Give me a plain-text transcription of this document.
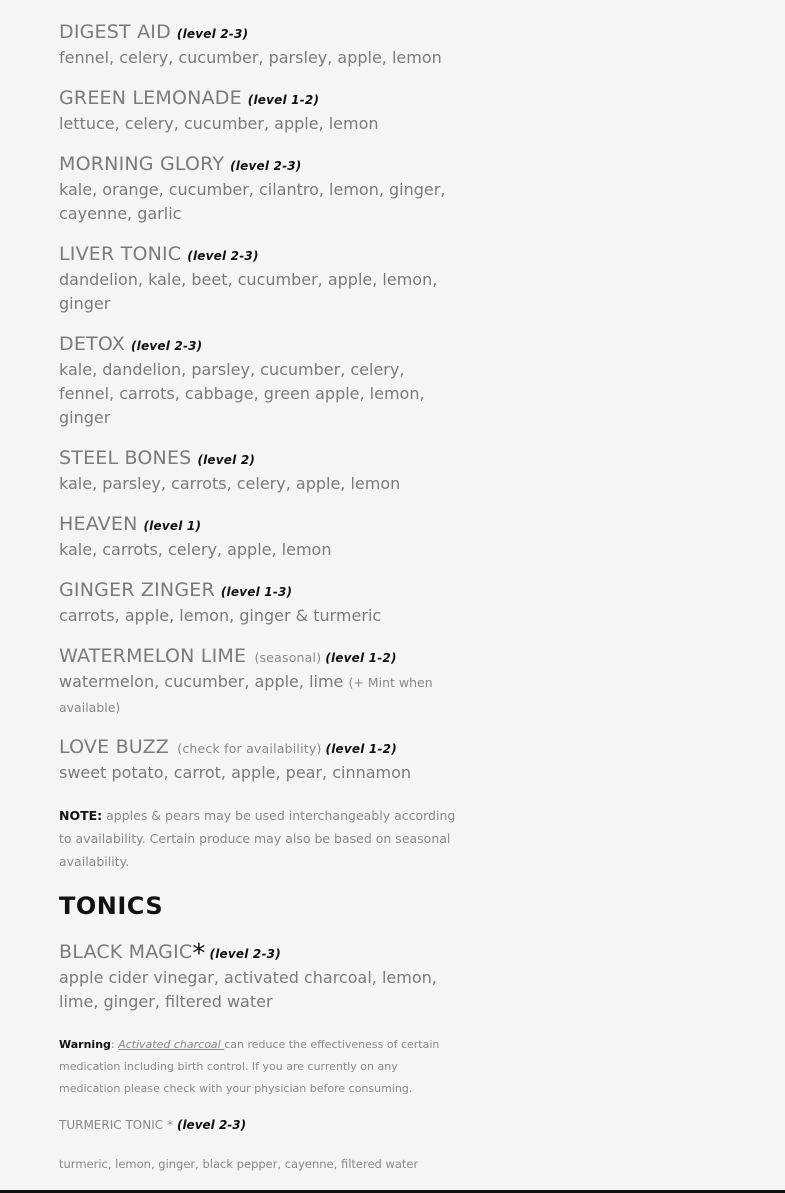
DIGEST AID (level 2-3)
fennel, celery, cucumber, parsley, apple, lemon
GREEN LEMONADE (level 1-2)
lettuce, celery, cucumber, apple, lemon
MORNING GLORY (level 2-3)
kale, orange, cucumber, cilantro, lemon, ginger, cayenne, garlic
LIVER TONIC (level 2-3)
dandelion, kale, beet, cucumber, apple, lemon, ginger
DETOX (level 2-3)
kale, dandelion, parsley, cucumber, celery, fennel, carrots, cabbage, green apple, lemon, ginger
STEEL BONES (level 2)
kale, parsley, carrots, celery, apple, lemon
HEAVEN (level 1)
kale, carrots, celery, apple, lemon
GINGER ZINGER (level 1-3)
carrots, apple, lemon, ginger & turmeric
WATERMELON LIME (seasonal) (level 1-2)
watermelon, cucumber, apple, lime (+ Mint when available)
LOVE BUZZ (check for availability) (level 1-2)
sweet potato, carrot, apple, pear, cinnamon
NOTE: apples & pears may be used interchangeably according to availability. Certain produce may also be based on seasonal availability.
TONICS
BLACK MAGIC* (level 2-3)
apple cider vinegar, activated charcoal, lemon, lime, ginger, filtered water
Warning: Activated charcoal can reduce the effectiveness of certain medication including birth control. If you are currently on any medication please check with your physician before consuming.
TURMERIC TONIC * (level 2-3)
turmeric, lemon, ginger, black pepper, cayenne, filtered water
